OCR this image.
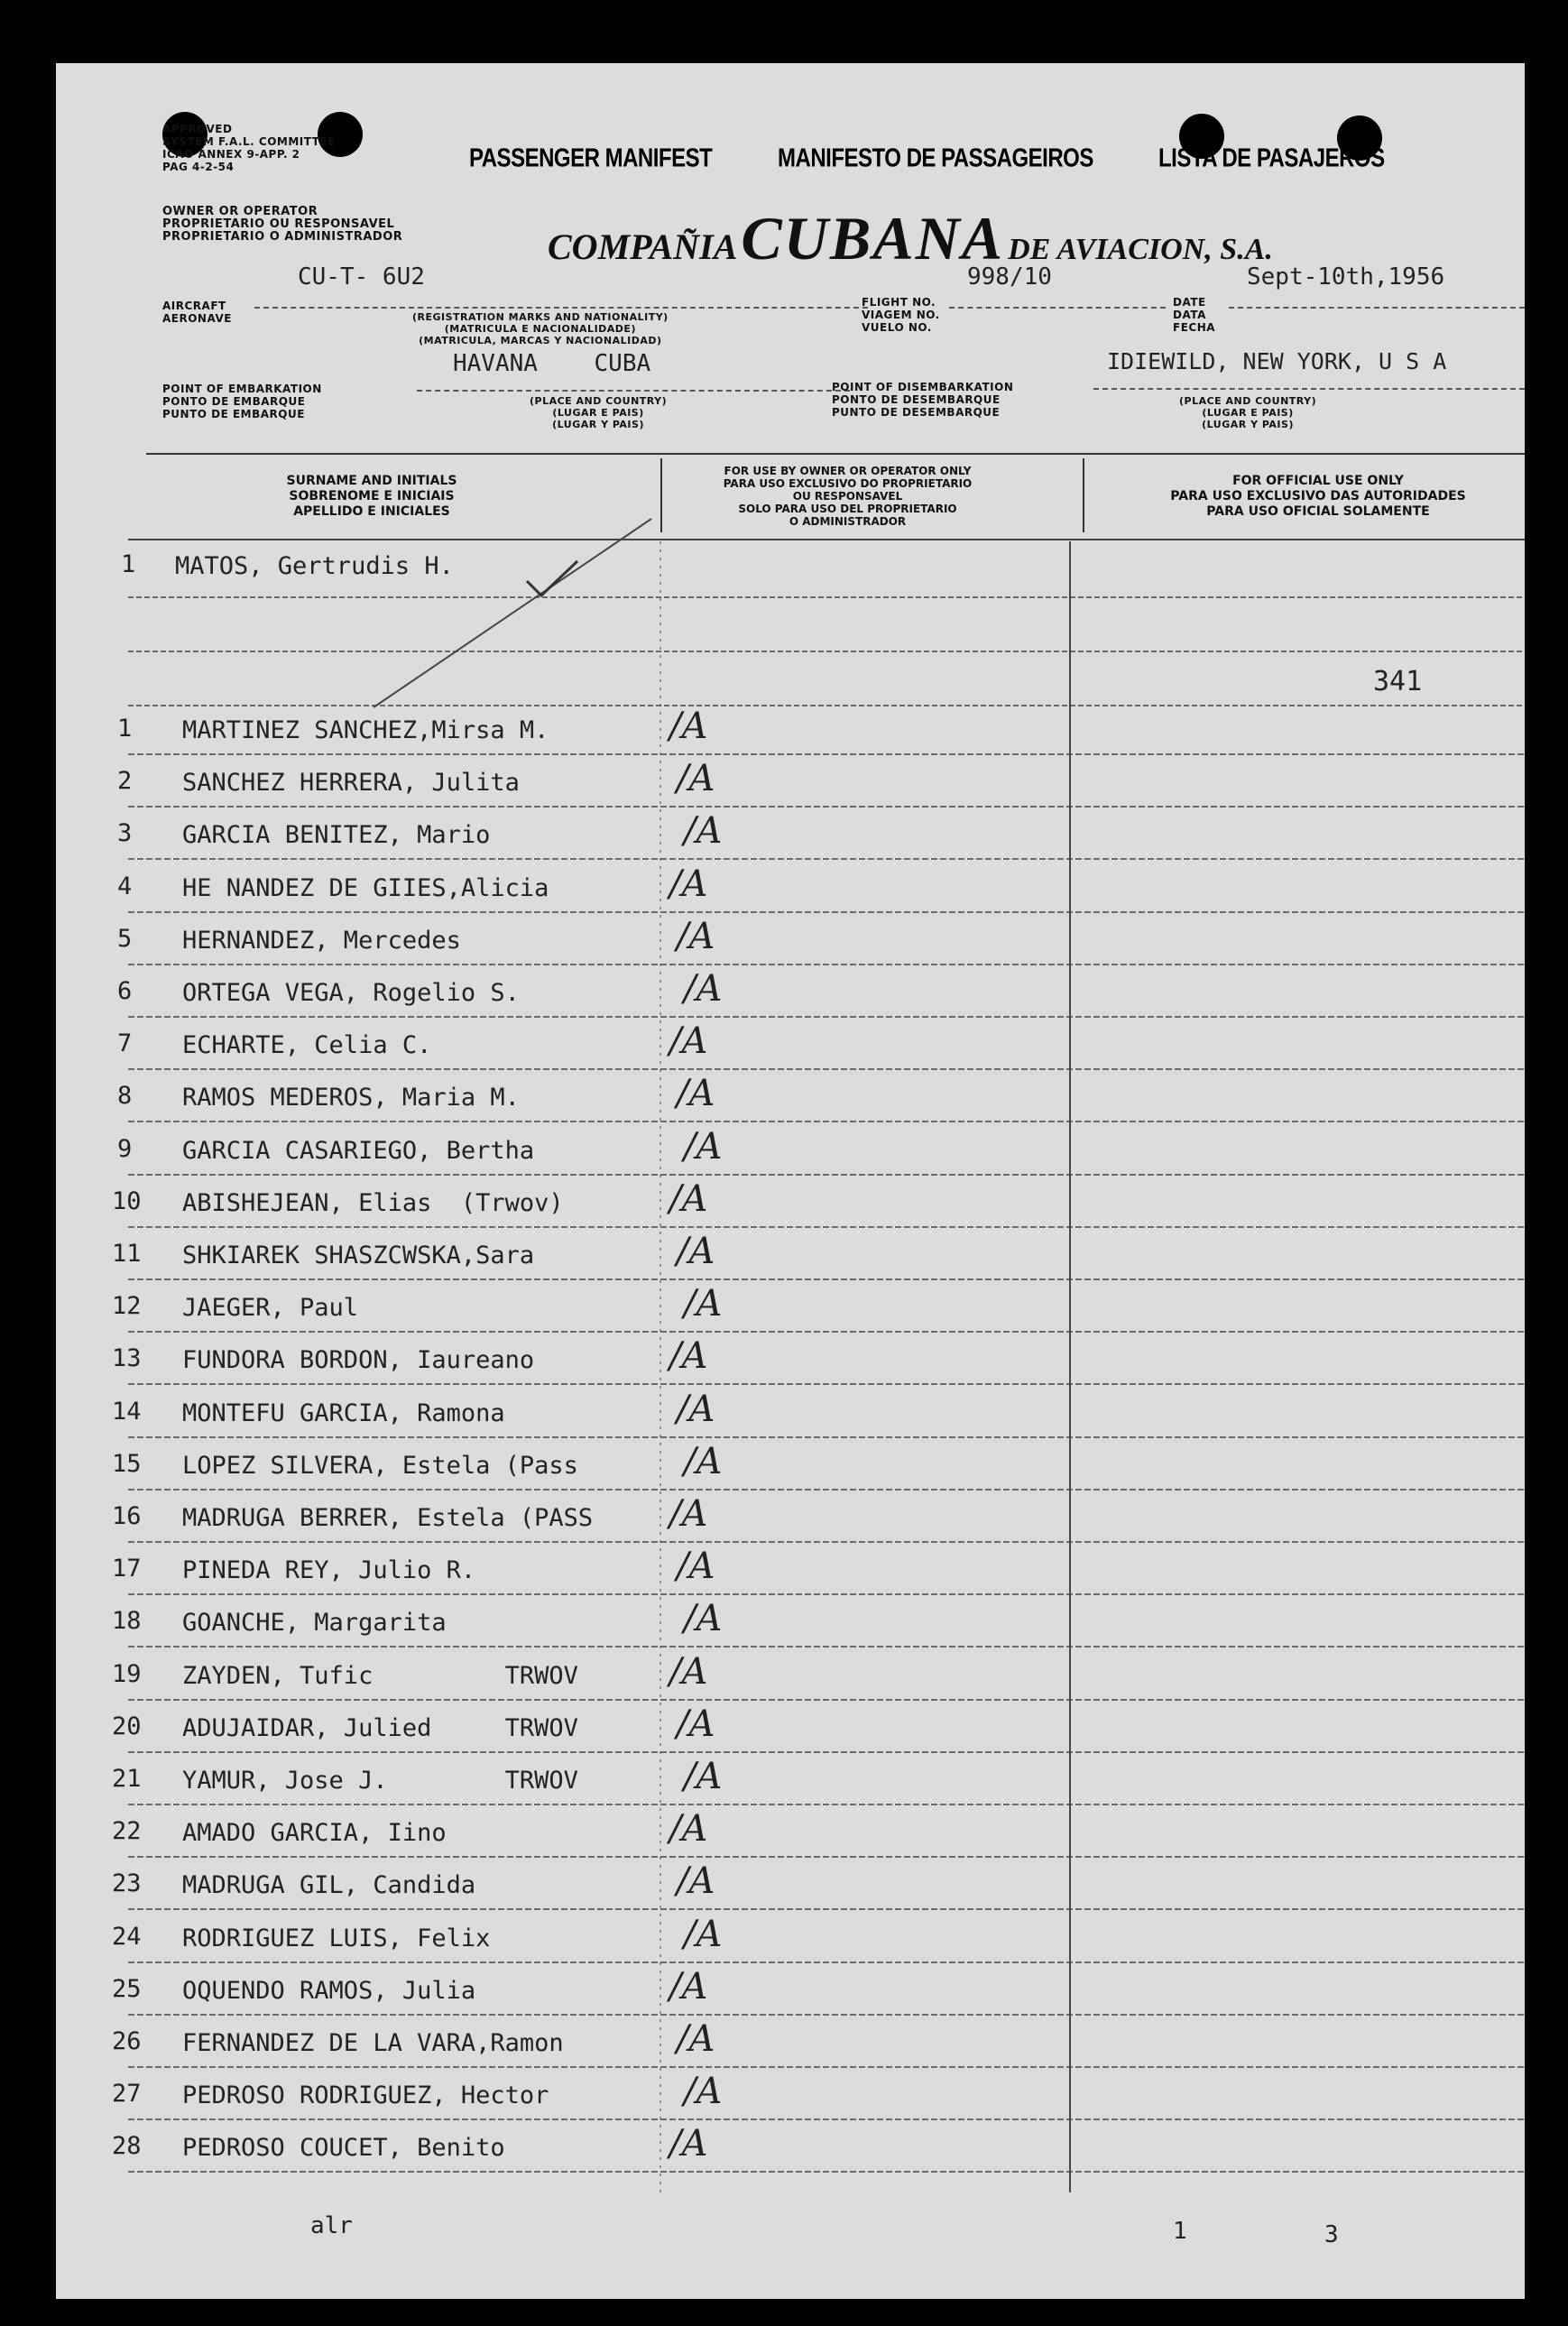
APPROVED
SYSTEM F.A.L. COMMITTEE
ICAO ANNEX 9-APP. 2
PAG 4-2-54	PASSENGER MANIFEST	MANIFESTO DE PASSAGEIROS	LISTA DE PASAJEROS
OWNER OR OPERATOR
PROPRIETARIO OU RESPONSAVEL
PROPRIETARIO O ADMINISTRADOR	COMPAÑIA CUBANA DE AVIACION, S.A.
CU-T- 6U2
AIRCRAFT
AERONAVE	(REGISTRATION MARKS AND NATIONALITY)
(MATRICULA E NACIONALIDADE)
(MATRICULA, MARCAS Y NACIONALIDAD)
998/10
FLIGHT NO.
VIAGEM NO.
VUELO NO.
Sept-10th,1956
DATE
DATA
FECHA
HAVANA    CUBA
POINT OF EMBARKATION
PONTO DE EMBARQUE
PUNTO DE EMBARQUE
(PLACE AND COUNTRY)
(LUGAR E PAIS)
(LUGAR Y PAIS)
IDIEWILD, NEW YORK, U S A
POINT OF DISEMBARKATION
PONTO DE DESEMBARQUE
PUNTO DE DESEMBARQUE
(PLACE AND COUNTRY)
(LUGAR E PAIS)
(LUGAR Y PAIS)
SURNAME AND INITIALS
SOBRENOME E INICIAIS
APELLIDO E INICIALES
FOR USE BY OWNER OR OPERATOR ONLY
PARA USO EXCLUSIVO DO PROPRIETARIO
OU RESPONSAVEL
SOLO PARA USO DEL PROPRIETARIO
O ADMINISTRADOR
FOR OFFICIAL USE ONLY
PARA USO EXCLUSIVO DAS AUTORIDADES
PARA USO OFICIAL SOLAMENTE
1 MATOS, Gertrudis H.
341
1 MARTINEZ SANCHEZ,Mirsa M.	/A
2 SANCHEZ HERRERA, Julita	/A
3 GARCIA BENITEZ, Mario	/A
4 HE NANDEZ DE GIIES,Alicia	/A
5 HERNANDEZ, Mercedes	/A
6 ORTEGA VEGA, Rogelio S.	/A
7 ECHARTE, Celia C.	/A
8 RAMOS MEDEROS, Maria M.	/A
9 GARCIA CASARIEGO, Bertha	/A
10 ABISHEJEAN, Elias  (Trwov)	/A
11 SHKIAREK SHASZCWSKA,Sara	/A
12 JAEGER, Paul	/A
13 FUNDORA BORDON, Iaureano	/A
14 MONTEFU GARCIA, Ramona	/A
15 LOPEZ SILVERA, Estela (Pass	/A
16 MADRUGA BERRER, Estela (PASS /A
17 PINEDA REY, Julio R.	/A
18 GOANCHE, Margarita	/A
19 ZAYDEN, Tufic         TRWOV	/A
20 ADUJAIDAR, Julied     TRWOV	/A
21 YAMUR, Jose J.        TRWOV	/A
22 AMADO GARCIA, Iino	/A
23 MADRUGA GIL, Candida	/A
24 RODRIGUEZ LUIS, Felix	/A
25 OQUENDO RAMOS, Julia	/A
26 FERNANDEZ DE LA VARA,Ramon	/A
27 PEDROSO RODRIGUEZ, Hector	/A
28 PEDROSO COUCET, Benito	/A
alr	1	3
